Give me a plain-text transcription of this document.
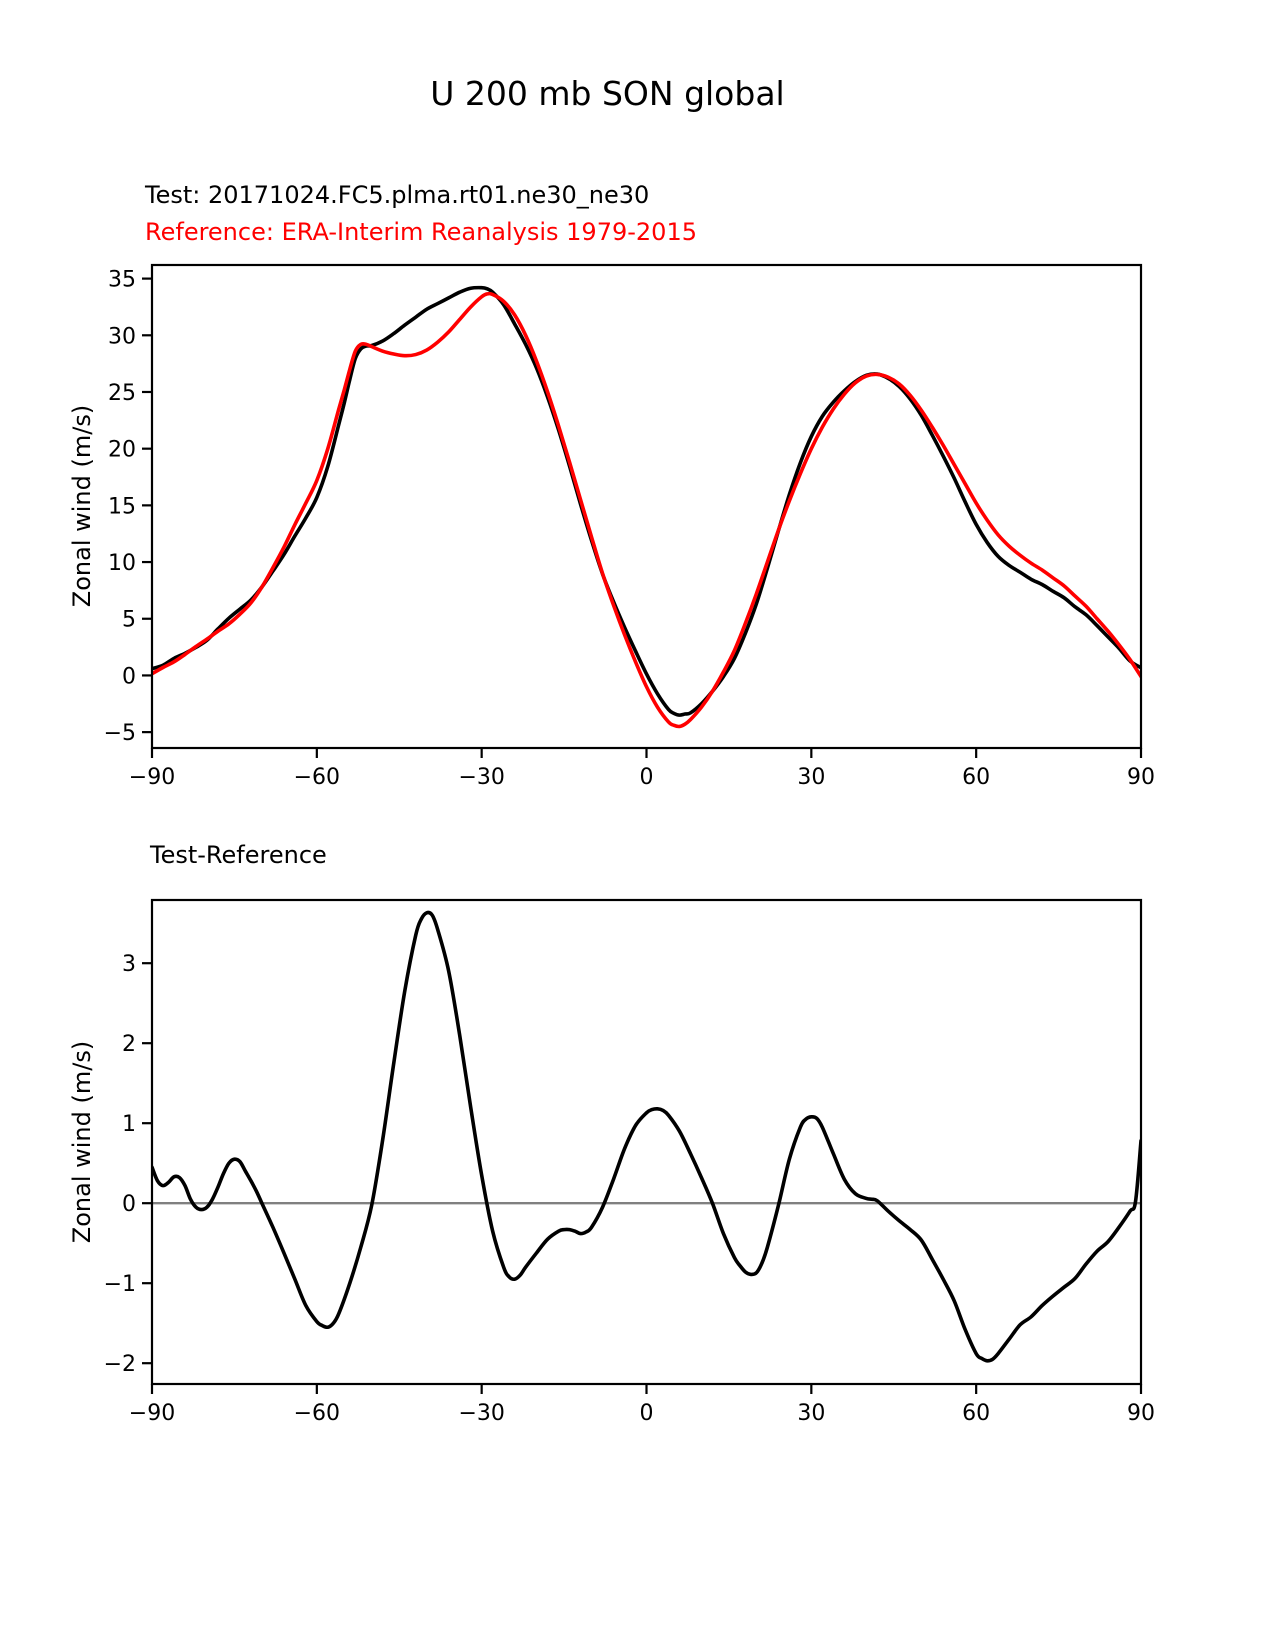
U 200 mb SON global
Test: 20171024.FC5.plma.rt01.ne30_ne30
Reference: ERA-Interim Reanalysis 1979-2015
Zonal wind (m/s)
Test-Reference
Zonal wind (m/s)
−90	−60	−30	0	30	60	90
−5
0
5
10
15
20
25
30
35
−90	−60	−30	0	30	60	90
−2
−1
0
1
2
3
